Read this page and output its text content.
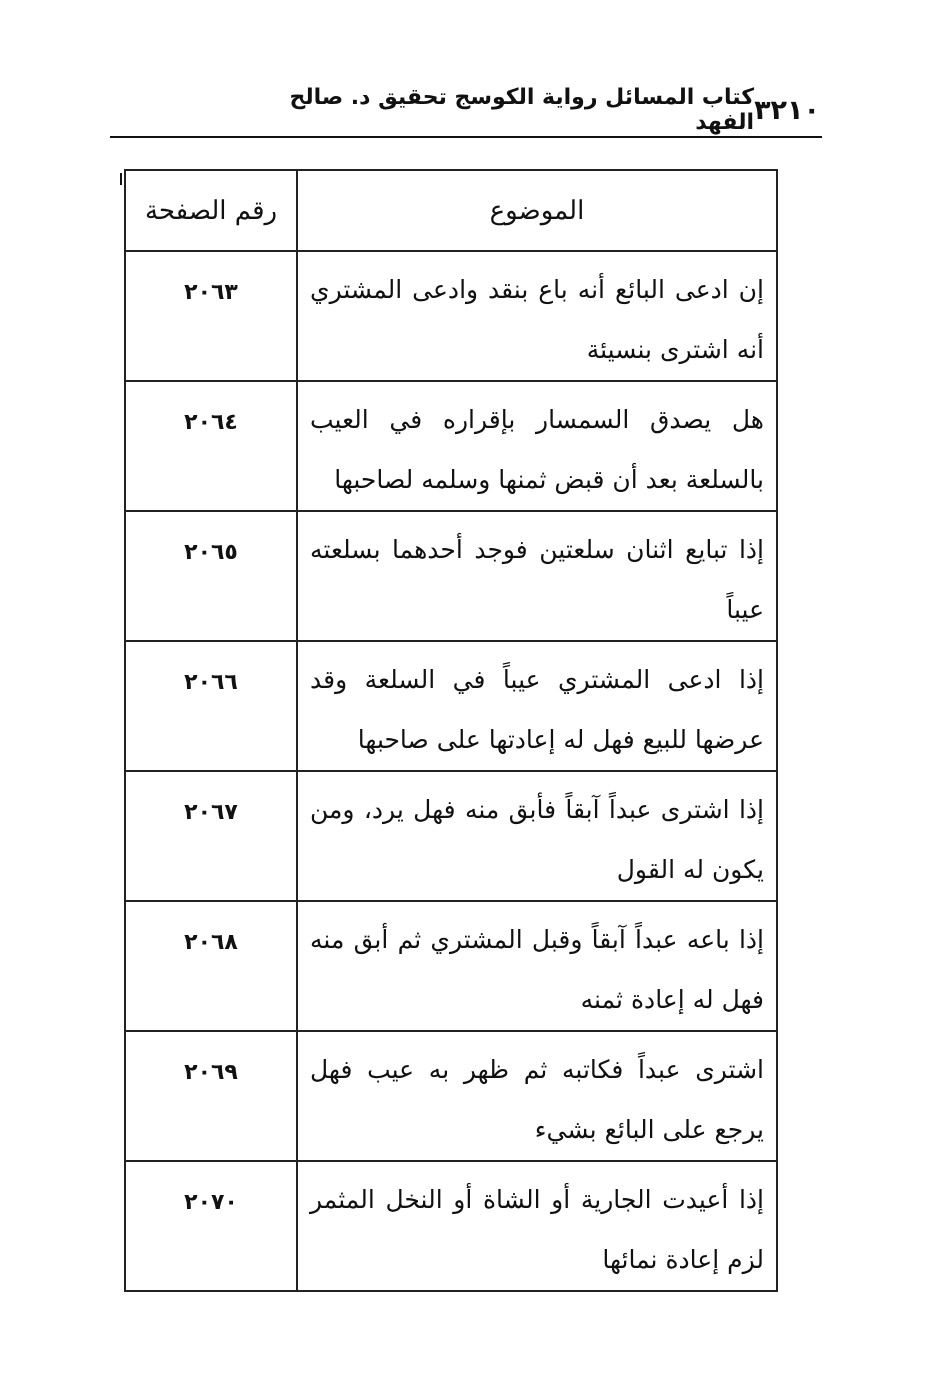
٣٢١٠
كتاب المسائل رواية الكوسج تحقيق د. صالح الفهد
الموضوع	رقم الصفحة
إن ادعى البائع أنه باع بنقد وادعى المشتري أنه اشترى بنسيئة	٢٠٦٣
هل يصدق السمسار بإقراره في العيب بالسلعة بعد أن قبض ثمنها وسلمه لصاحبها	٢٠٦٤
إذا تبايع اثنان سلعتين فوجد أحدهما بسلعته عيباً	٢٠٦٥
إذا ادعى المشتري عيباً في السلعة وقد عرضها للبيع فهل له إعادتها على صاحبها	٢٠٦٦
إذا اشترى عبداً آبقاً فأبق منه فهل يرد، ومن يكون له القول	٢٠٦٧
إذا باعه عبداً آبقاً وقبل المشتري ثم أبق منه فهل له إعادة ثمنه	٢٠٦٨
اشترى عبداً فكاتبه ثم ظهر به عيب فهل يرجع على البائع بشيء	٢٠٦٩
إذا أعيدت الجارية أو الشاة أو النخل المثمر لزم إعادة نمائها	٢٠٧٠
